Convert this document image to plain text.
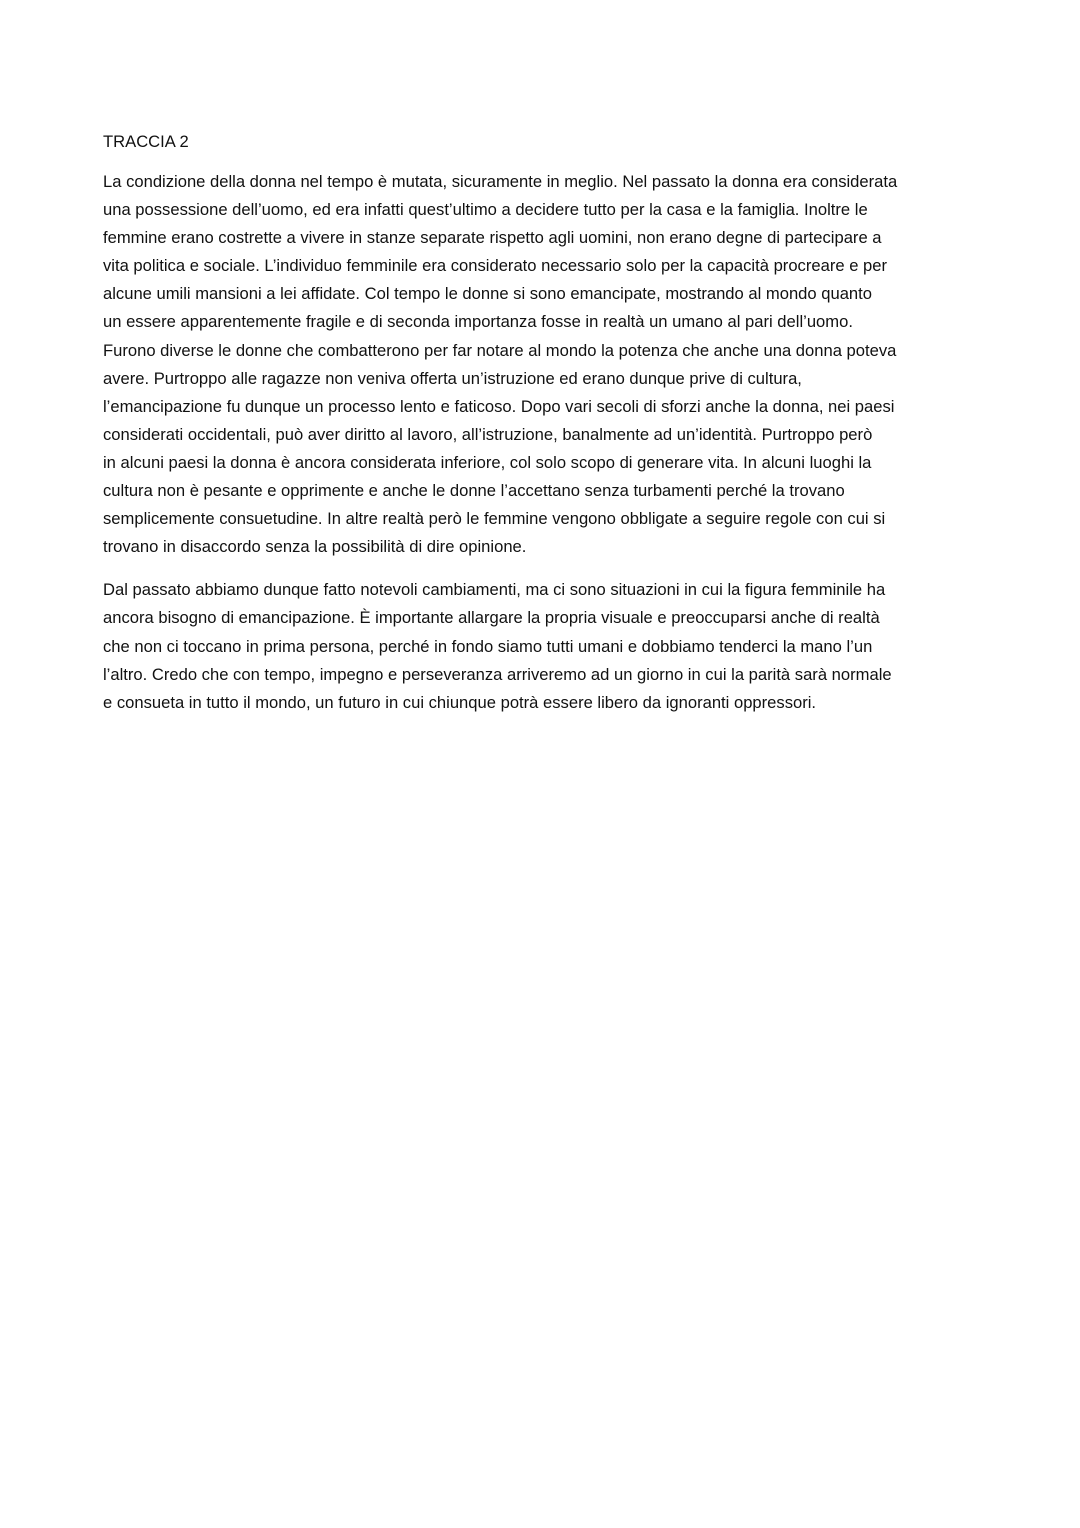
TRACCIA 2
La condizione della donna nel tempo è mutata, sicuramente in meglio. Nel passato la donna era considerata
una possessione dell’uomo, ed era infatti quest’ultimo a decidere tutto per la casa e la famiglia. Inoltre le
femmine erano costrette a vivere in stanze separate rispetto agli uomini, non erano degne di partecipare a
vita politica e sociale. L’individuo femminile era considerato necessario solo per la capacità procreare e per
alcune umili mansioni a lei affidate. Col tempo le donne si sono emancipate, mostrando al mondo quanto
un essere apparentemente fragile e di seconda importanza fosse in realtà un umano al pari dell’uomo.
Furono diverse le donne che combatterono per far notare al mondo la potenza che anche una donna poteva
avere. Purtroppo alle ragazze non veniva offerta un’istruzione ed erano dunque prive di cultura,
l’emancipazione fu dunque un processo lento e faticoso. Dopo vari secoli di sforzi anche la donna, nei paesi
considerati occidentali, può aver diritto al lavoro, all’istruzione, banalmente ad un’identità. Purtroppo però
in alcuni paesi la donna è ancora considerata inferiore, col solo scopo di generare vita. In alcuni luoghi la
cultura non è pesante e opprimente e anche le donne l’accettano senza turbamenti perché la trovano
semplicemente consuetudine. In altre realtà però le femmine vengono obbligate a seguire regole con cui si
trovano in disaccordo senza la possibilità di dire opinione.
Dal passato abbiamo dunque fatto notevoli cambiamenti, ma ci sono situazioni in cui la figura femminile ha
ancora bisogno di emancipazione. È importante allargare la propria visuale e preoccuparsi anche di realtà
che non ci toccano in prima persona, perché in fondo siamo tutti umani e dobbiamo tenderci la mano l’un
l’altro. Credo che con tempo, impegno e perseveranza arriveremo ad un giorno in cui la parità sarà normale
e consueta in tutto il mondo, un futuro in cui chiunque potrà essere libero da ignoranti oppressori.
